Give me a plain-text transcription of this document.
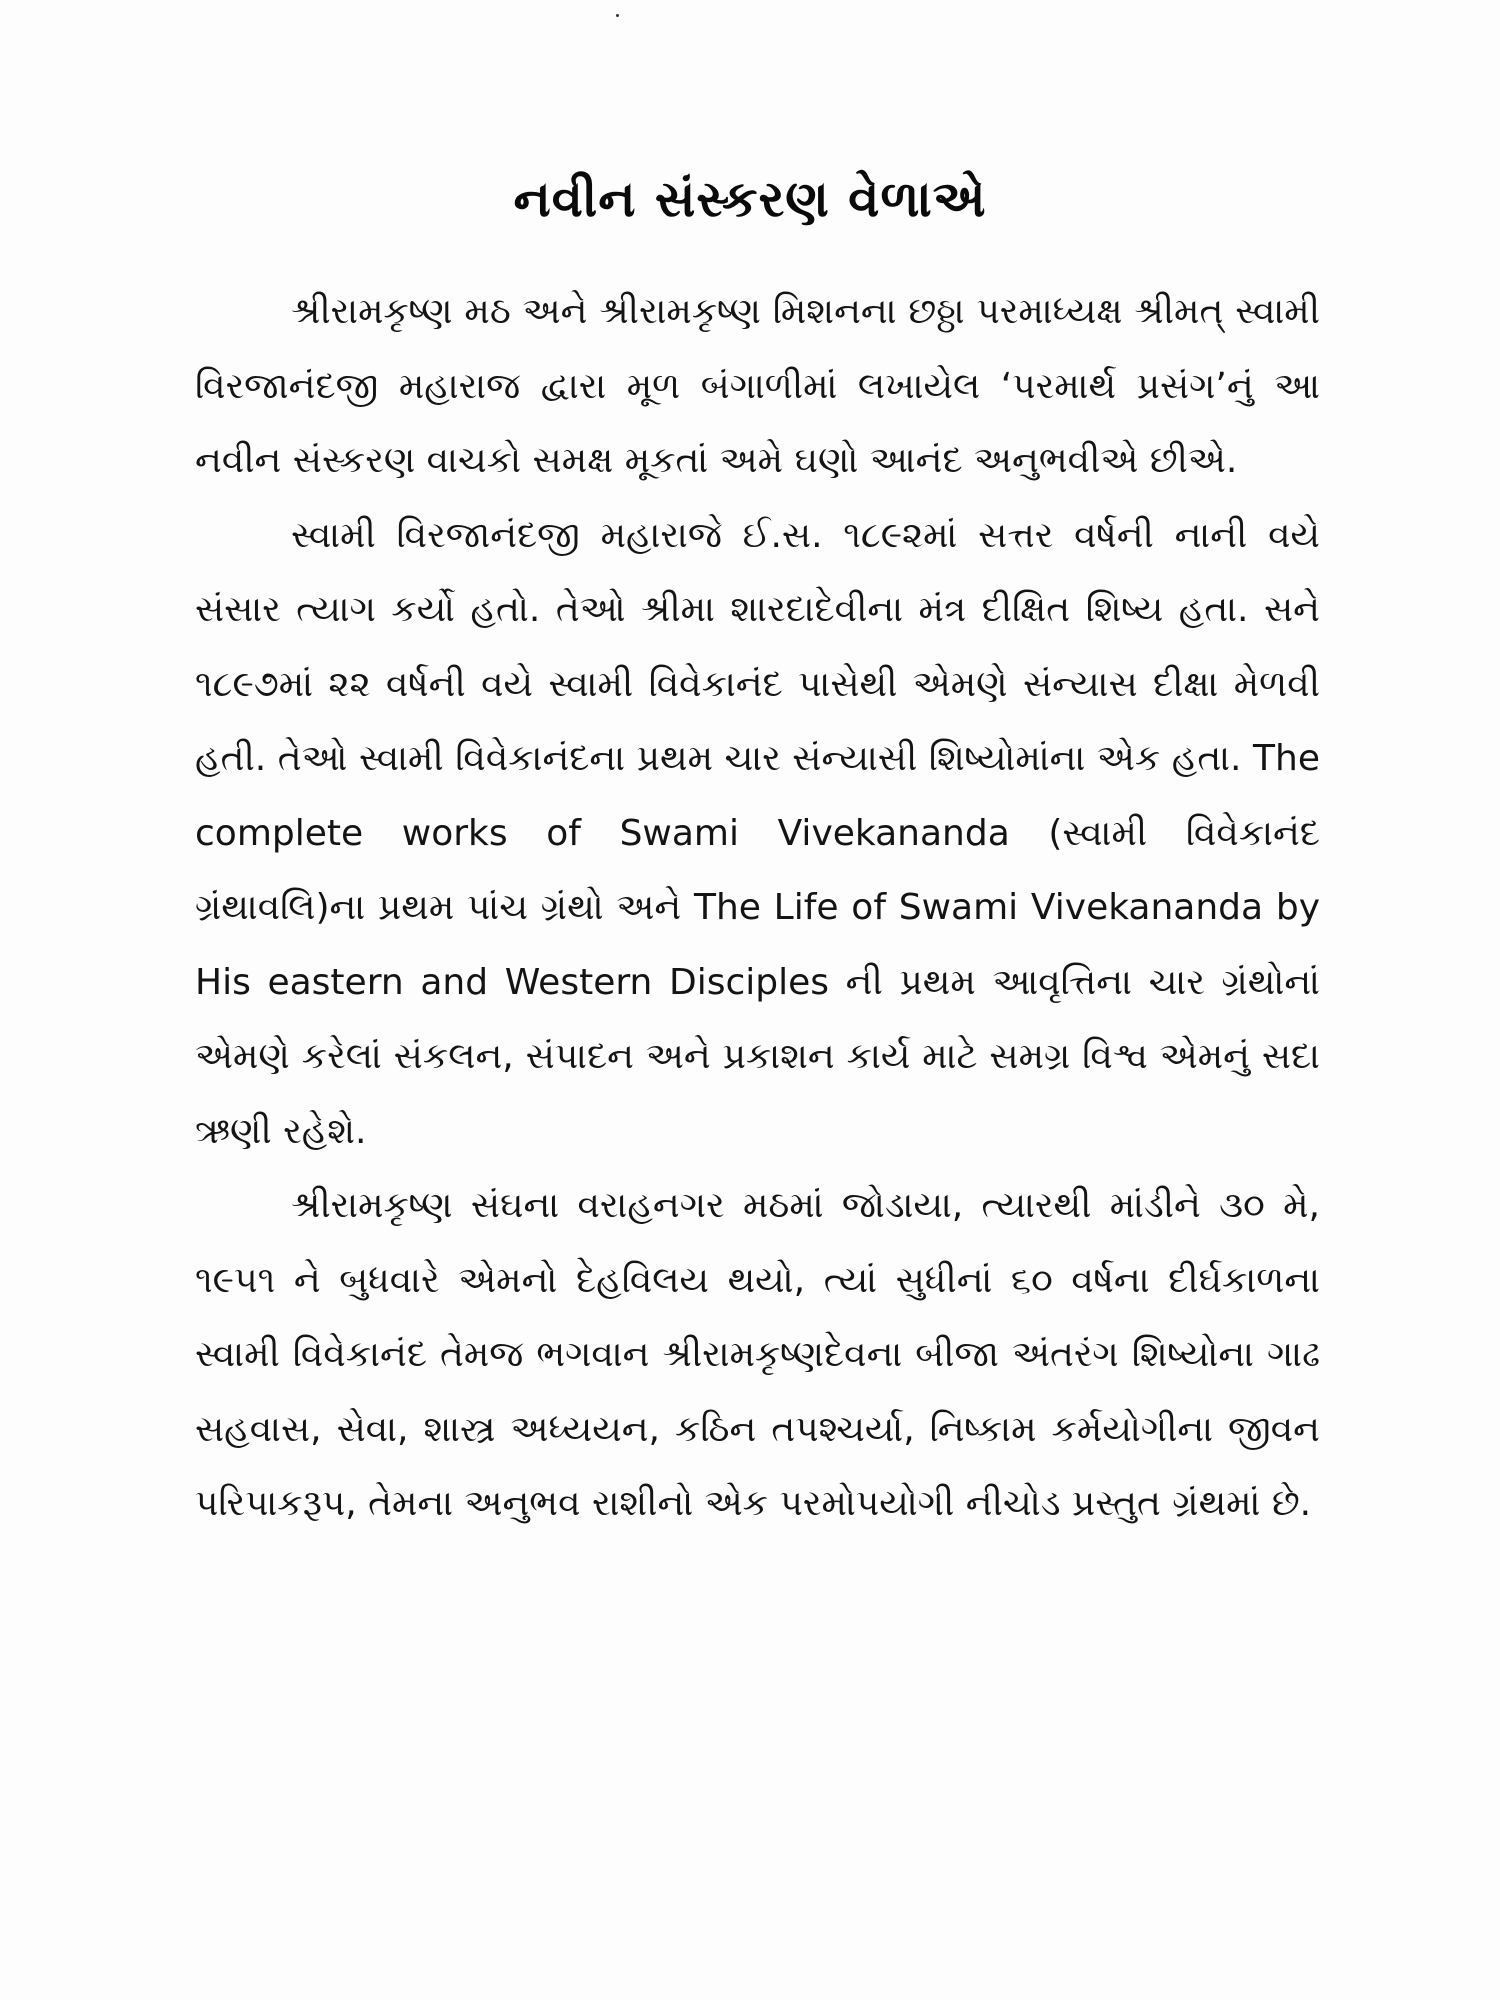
નવીન સંસ્કરણ વેળાએ

શ્રીરામકૃષ્ણ મઠ અને શ્રીરામકૃષ્ણ મિશનના છઠ્ઠા પરમાધ્યક્ષ શ્રીમત્ સ્વામી વિરજાનંદજી મહારાજ દ્વારા મૂળ બંગાળીમાં લખાયેલ ‘પરમાર્થ પ્રસંગ’નું આ નવીન સંસ્કરણ વાચકો સમક્ષ મૂકતાં અમે ઘણો આનંદ અનુભવીએ છીએ.

સ્વામી વિરજાનંદજી મહારાજે ઈ.સ. ૧૮૯૨માં સત્તર વર્ષની નાની વયે સંસાર ત્યાગ કર્યો હતો. તેઓ શ્રીમા શારદાદેવીના મંત્ર દીક્ષિત શિષ્ય હતા. સને ૧૮૯૭માં ૨૨ વર્ષની વયે સ્વામી વિવેકાનંદ પાસેથી એમણે સંન્યાસ દીક્ષા મેળવી હતી. તેઓ સ્વામી વિવેકાનંદના પ્રથમ ચાર સંન્યાસી શિષ્યોમાંના એક હતા. The complete works of Swami Vivekananda (સ્વામી વિવેકાનંદ ગ્રંથાવલિ)ના પ્રથમ પાંચ ગ્રંથો અને The Life of Swami Vivekananda by His eastern and Western Disciples ની પ્રથમ આવૃત્તિના ચાર ગ્રંથોનાં એમણે કરેલાં સંકલન, સંપાદન અને પ્રકાશન કાર્ય માટે સમગ્ર વિશ્વ એમનું સદા ઋણી રહેશે.

શ્રીરામકૃષ્ણ સંઘના વરાહનગર મઠમાં જોડાયા, ત્યારથી માંડીને ૩૦ મે, ૧૯૫૧ ને બુધવારે એમનો દેહવિલય થયો, ત્યાં સુધીનાં ૬૦ વર્ષના દીર્ઘકાળના સ્વામી વિવેકાનંદ તેમજ ભગવાન શ્રીરામકૃષ્ણદેવના બીજા અંતરંગ શિષ્યોના ગાઢ સહવાસ, સેવા, શાસ્ત્ર અધ્યયન, કઠિન તપશ્ચર્યા, નિષ્કામ કર્મયોગીના જીવન પરિપાકરૂપ, તેમના અનુભવ રાશીનો એક પરમોપયોગી નીચોડ પ્રસ્તુત ગ્રંથમાં છે.
